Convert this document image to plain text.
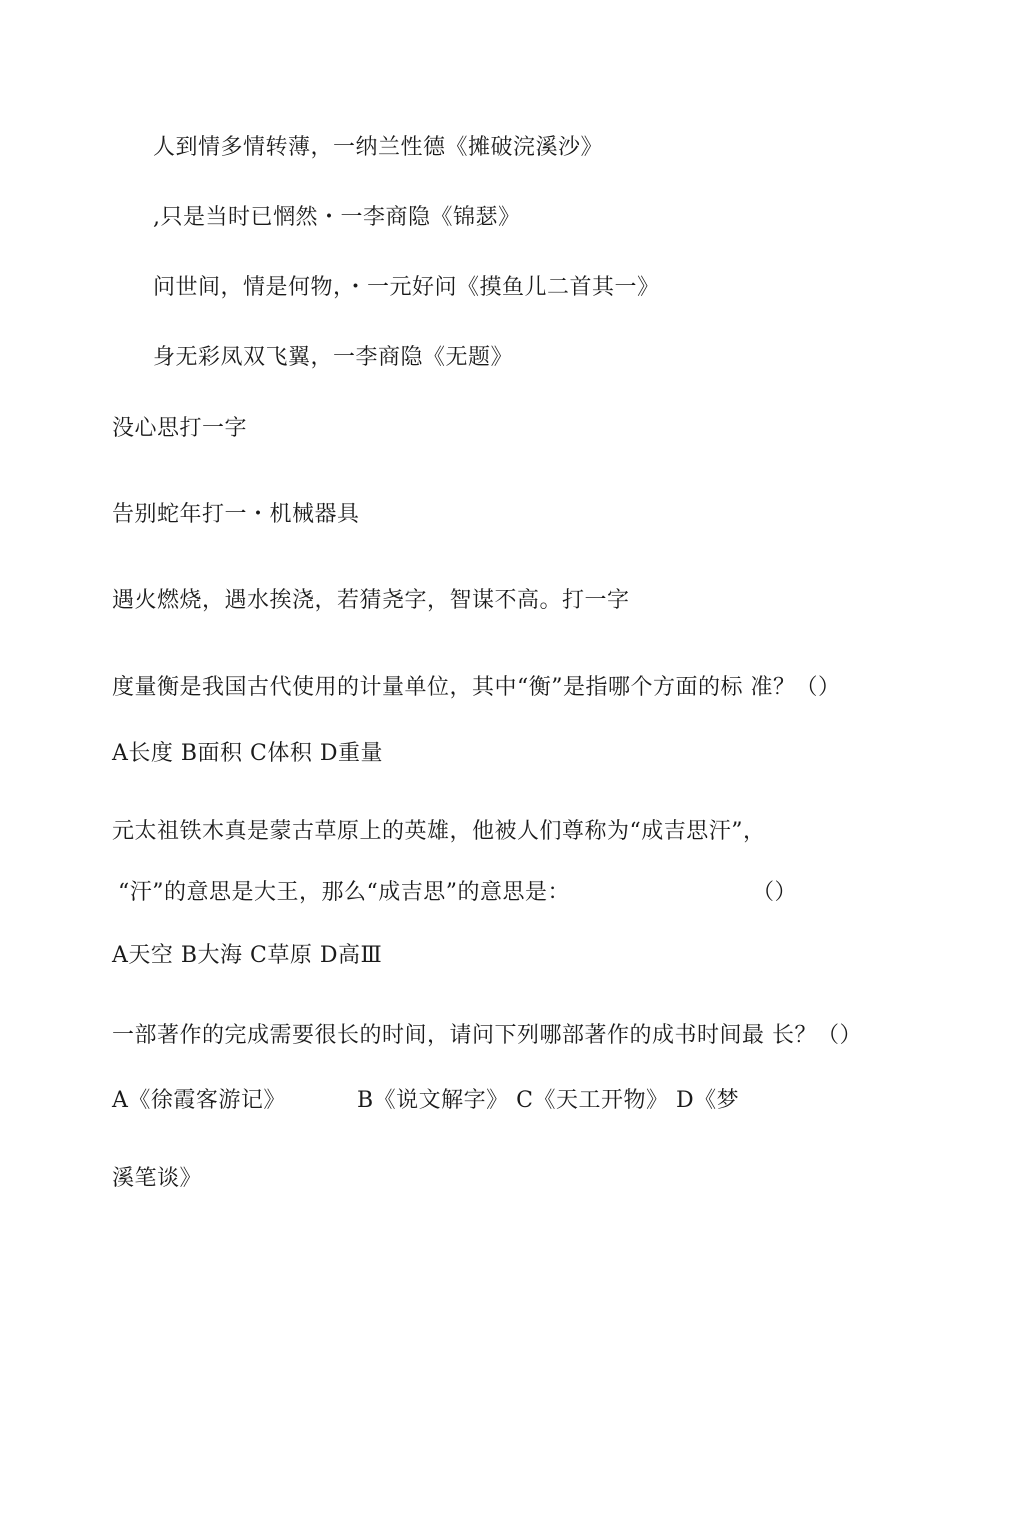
人到情多情转薄，一纳兰性德《摊破浣溪沙》
,只是当时已惘然・一李商隐《锦瑟》
问世间，情是何物，・一元好问《摸鱼儿二首其一》
身无彩凤双飞翼，一李商隐《无题》
没心思打一字
告别蛇年打一・机械器具
遇火燃烧，遇水挨浇，若猜尧字，智谋不高。打一字
度量衡是我国古代使用的计量单位，其中“衡”是指哪个方面的标 准？（）
A长度 B面积 C体积 D重量
元太祖铁木真是蒙古草原上的英雄，他被人们尊称为“成吉思汗”，
“汗”的意思是大王，那么“成吉思”的意思是：	（）
A天空 B大海 C草原 D高Ⅲ
一部著作的完成需要很长的时间，请问下列哪部著作的成书时间最 长？（）
A《徐霞客游记》	B《说文解字》 C《天工开物》 D《梦
溪笔谈》
